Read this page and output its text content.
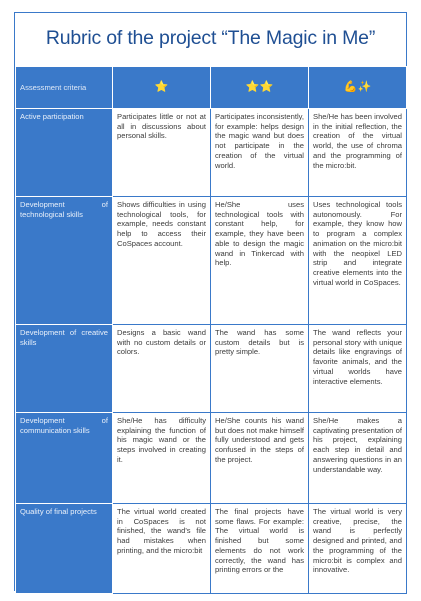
Rubric of the project “The Magic in Me”
Assessment criteria	⭐	⭐⭐	💪✨
Active participation	Participates little or not at all in discussions about personal skills.	Participates inconsistently, for example: helps design the magic wand but does not participate in the creation of the virtual world.	She/He has been involved in the initial reflection, the creation of the virtual world, the use of chroma and the programming of the micro:bit.
Development of technological skills	Shows difficulties in using technological tools, for example, needs constant help to access their CoSpaces account.	He/She uses technological tools with constant help, for example, they have been able to design the magic wand in Tinkercad with help.	Uses technological tools autonomously. For example, they know how to program a complex animation on the micro:bit with the neopixel LED strip and integrate creative elements into the virtual world in CoSpaces.
Development of creative skills	Designs a basic wand with no custom details or colors.	The wand has some custom details but is pretty simple.	The wand reflects your personal story with unique details like engravings of favorite animals, and the virtual worlds have interactive elements.
Development of communication skills	She/He has difficulty explaining the function of his magic wand or the steps involved in creating it.	He/She counts his wand but does not make himself fully understood and gets confused in the steps of the project.	She/He makes a captivating presentation of his project, explaining each step in detail and answering questions in an understandable way.
Quality of final projects	The virtual world created in CoSpaces is not finished, the wand's file had mistakes when printing, and the micro:bit	The final projects have some flaws. For example: The virtual world is finished but some elements do not work correctly, the wand has printing errors or the	The virtual world is very creative, precise, the wand is perfectly designed and printed, and the programming of the micro:bit is complex and innovative.
